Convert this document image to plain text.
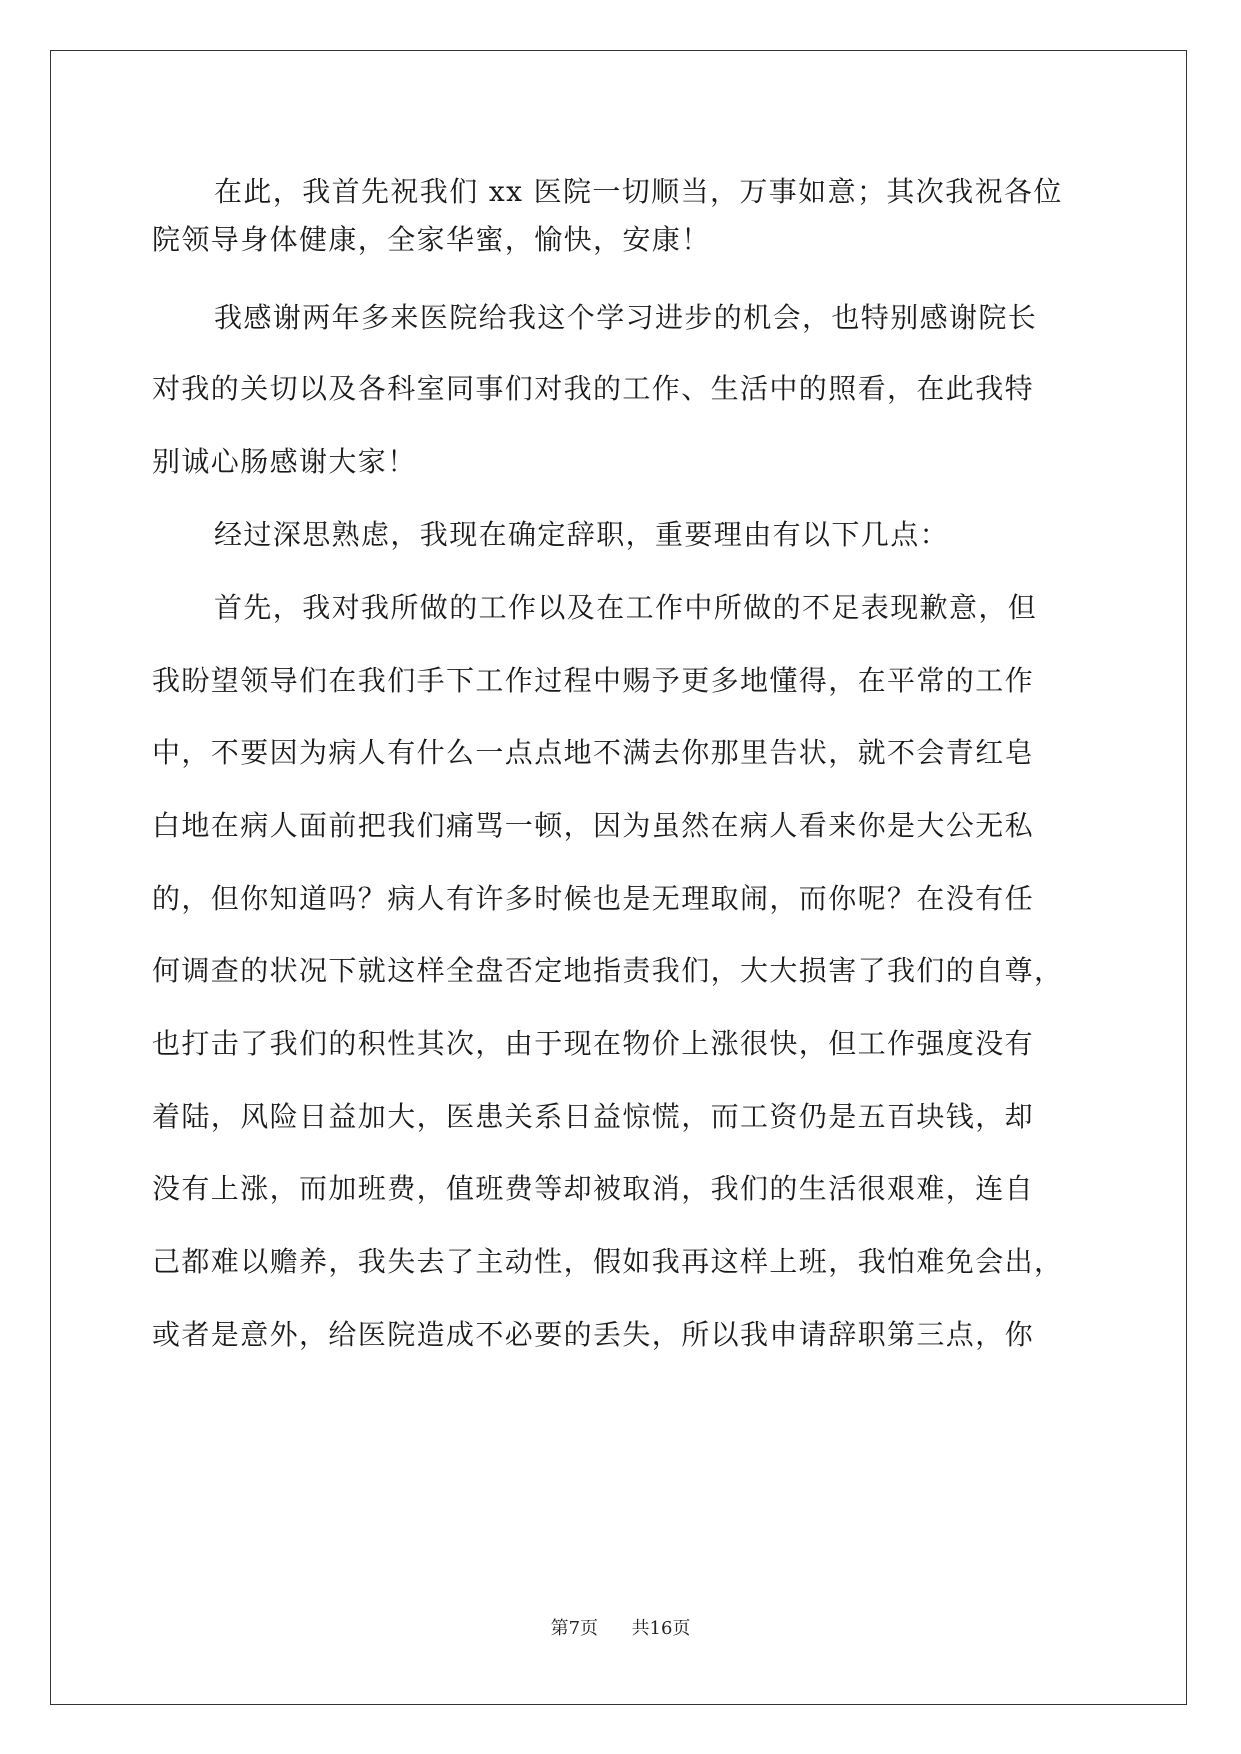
在此，我首先祝我们 xx 医院一切顺当，万事如意；其次我祝各位
院领导身体健康，全家华蜜，愉快，安康！
我感谢两年多来医院给我这个学习进步的机会，也特别感谢院长
对我的关切以及各科室同事们对我的工作、生活中的照看，在此我特
别诚心肠感谢大家！
经过深思熟虑，我现在确定辞职，重要理由有以下几点：
首先，我对我所做的工作以及在工作中所做的不足表现歉意，但
我盼望领导们在我们手下工作过程中赐予更多地懂得，在平常的工作
中，不要因为病人有什么一点点地不满去你那里告状，就不会青红皂
白地在病人面前把我们痛骂一顿，因为虽然在病人看来你是大公无私
的，但你知道吗？病人有许多时候也是无理取闹，而你呢？在没有任
何调查的状况下就这样全盘否定地指责我们，大大损害了我们的自尊，
也打击了我们的积性其次，由于现在物价上涨很快，但工作强度没有
着陆，风险日益加大，医患关系日益惊慌，而工资仍是五百块钱，却
没有上涨，而加班费，值班费等却被取消，我们的生活很艰难，连自
己都难以赡养，我失去了主动性，假如我再这样上班，我怕难免会出，
或者是意外，给医院造成不必要的丢失，所以我申请辞职第三点，你
第7页 共16页
